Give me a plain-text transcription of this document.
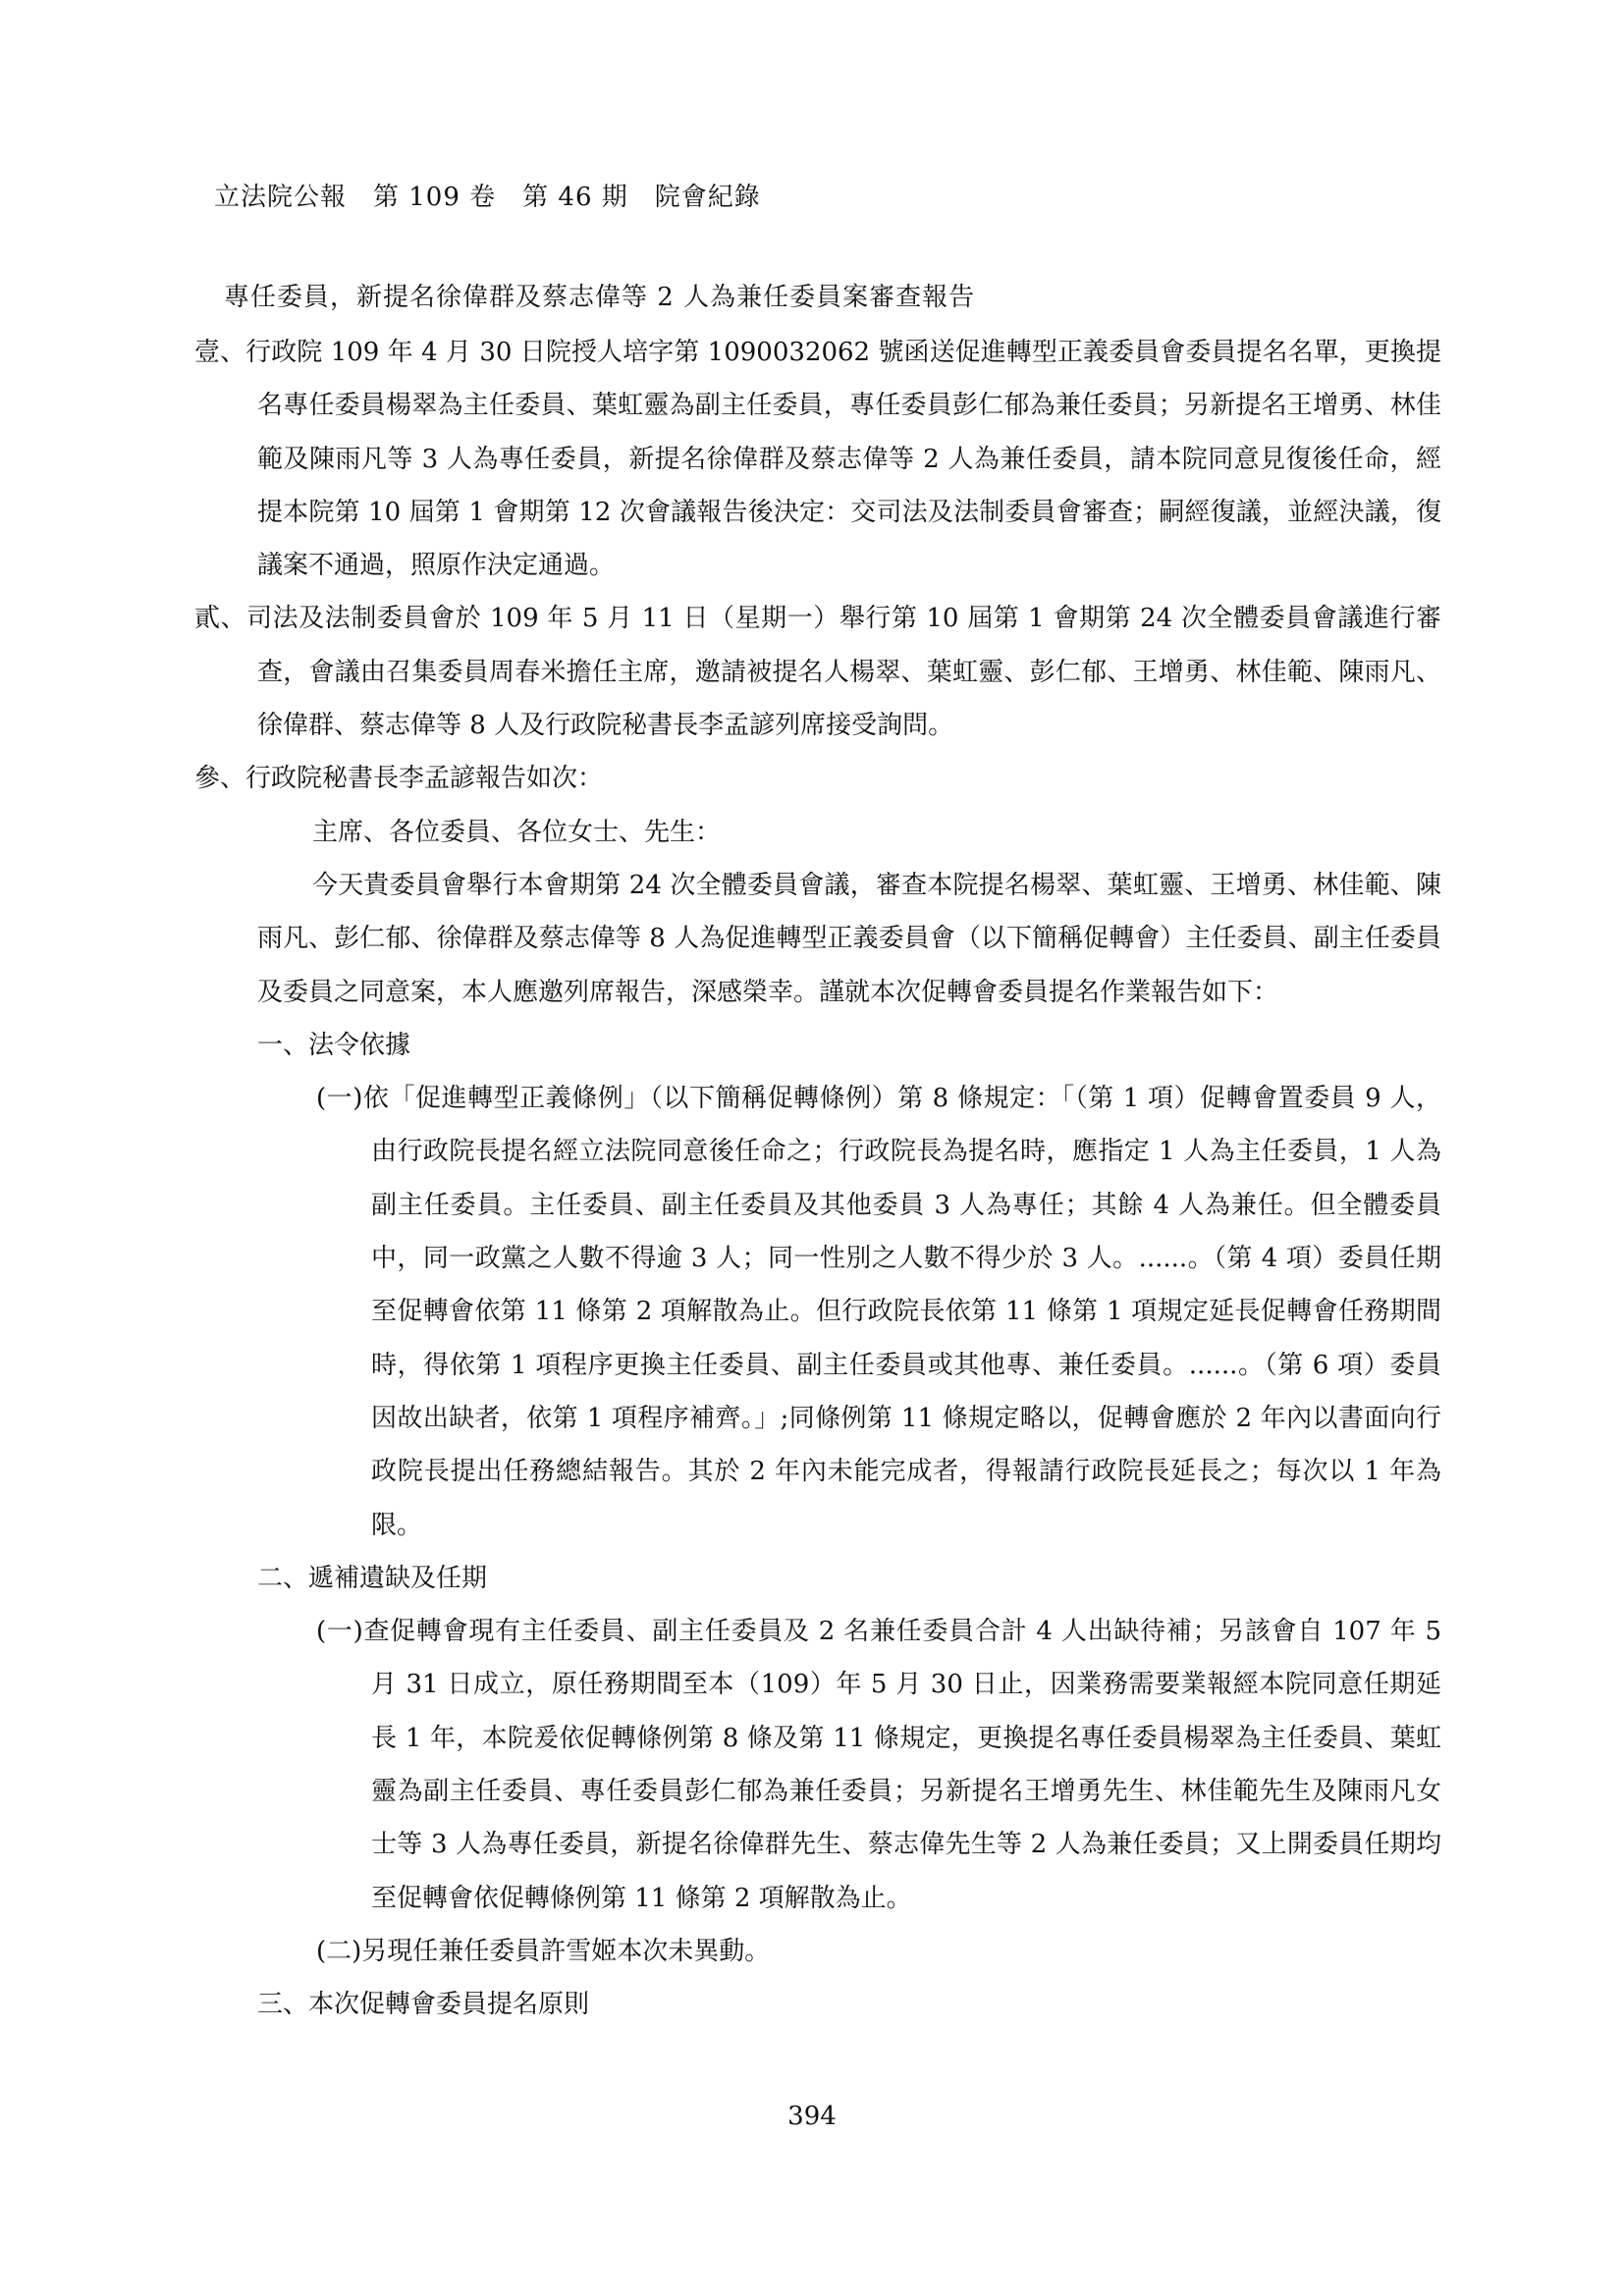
立法院公報　第 109 卷　第 46 期　院會紀錄
專任委員，新提名徐偉群及蔡志偉等 2 人為兼任委員案審查報告
壹、行政院 109 年 4 月 30 日院授人培字第 1090032062 號函送促進轉型正義委員會委員提名名單，更換提名專任委員楊翠為主任委員、葉虹靈為副主任委員，專任委員彭仁郁為兼任委員；另新提名王增勇、林佳範及陳雨凡等 3 人為專任委員，新提名徐偉群及蔡志偉等 2 人為兼任委員，請本院同意見復後任命，經提本院第 10 屆第 1 會期第 12 次會議報告後決定：交司法及法制委員會審查；嗣經復議，並經決議，復議案不通過，照原作決定通過。
貳、司法及法制委員會於 109 年 5 月 11 日（星期一）舉行第 10 屆第 1 會期第 24 次全體委員會議進行審查，會議由召集委員周春米擔任主席，邀請被提名人楊翠、葉虹靈、彭仁郁、王增勇、林佳範、陳雨凡、徐偉群、蔡志偉等 8 人及行政院秘書長李孟諺列席接受詢問。
參、行政院秘書長李孟諺報告如次：
主席、各位委員、各位女士、先生：
今天貴委員會舉行本會期第 24 次全體委員會議，審查本院提名楊翠、葉虹靈、王增勇、林佳範、陳雨凡、彭仁郁、徐偉群及蔡志偉等 8 人為促進轉型正義委員會（以下簡稱促轉會）主任委員、副主任委員及委員之同意案，本人應邀列席報告，深感榮幸。謹就本次促轉會委員提名作業報告如下：
一、法令依據
(一)依「促進轉型正義條例」（以下簡稱促轉條例）第 8 條規定：「（第 1 項）促轉會置委員 9 人，由行政院長提名經立法院同意後任命之；行政院長為提名時，應指定 1 人為主任委員，1 人為副主任委員。主任委員、副主任委員及其他委員 3 人為專任；其餘 4 人為兼任。但全體委員中，同一政黨之人數不得逾 3 人；同一性別之人數不得少於 3 人。......。（第 4 項）委員任期至促轉會依第 11 條第 2 項解散為止。但行政院長依第 11 條第 1 項規定延長促轉會任務期間時，得依第 1 項程序更換主任委員、副主任委員或其他專、兼任委員。......。（第 6 項）委員因故出缺者，依第 1 項程序補齊。」;同條例第 11 條規定略以，促轉會應於 2 年內以書面向行政院長提出任務總結報告。其於 2 年內未能完成者，得報請行政院長延長之；每次以 1 年為限。
二、遞補遺缺及任期
(一)查促轉會現有主任委員、副主任委員及 2 名兼任委員合計 4 人出缺待補；另該會自 107 年 5 月 31 日成立，原任務期間至本（109）年 5 月 30 日止，因業務需要業報經本院同意任期延長 1 年，本院爰依促轉條例第 8 條及第 11 條規定，更換提名專任委員楊翠為主任委員、葉虹靈為副主任委員、專任委員彭仁郁為兼任委員；另新提名王增勇先生、林佳範先生及陳雨凡女士等 3 人為專任委員，新提名徐偉群先生、蔡志偉先生等 2 人為兼任委員；又上開委員任期均至促轉會依促轉條例第 11 條第 2 項解散為止。
(二)另現任兼任委員許雪姬本次未異動。
三、本次促轉會委員提名原則
394
